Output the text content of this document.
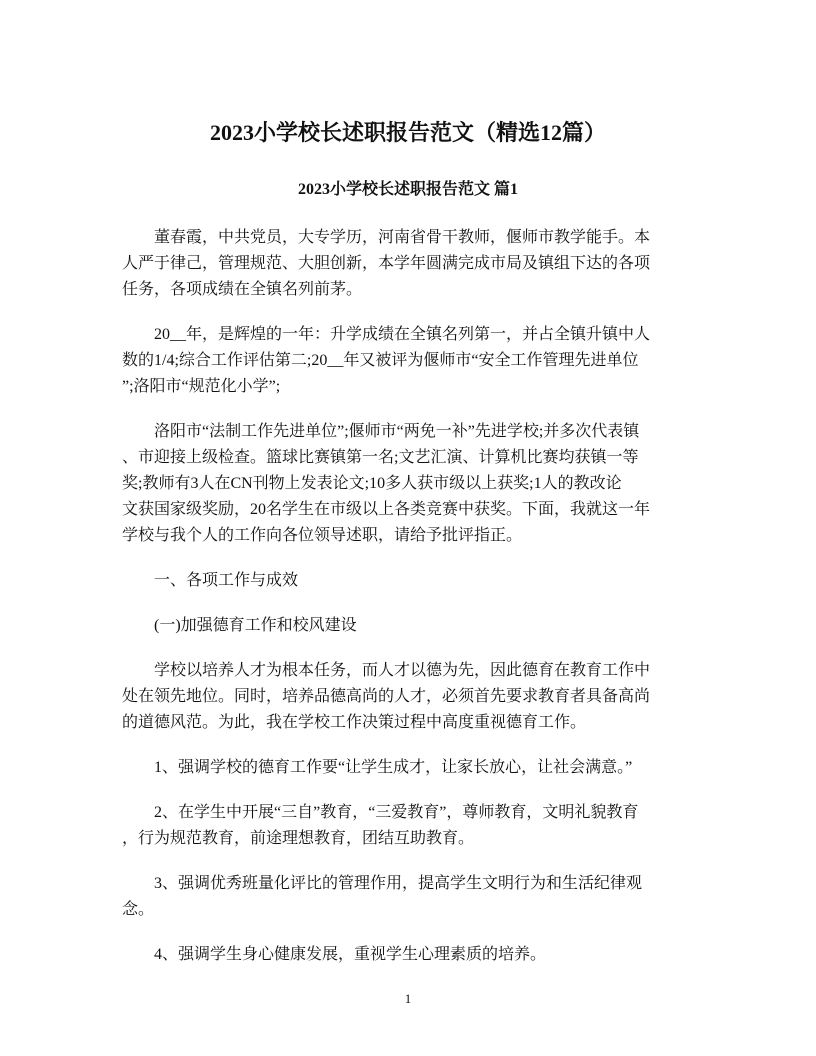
2023小学校长述职报告范文（精选12篇）
2023小学校长述职报告范文 篇1
董春霞，中共党员，大专学历，河南省骨干教师，偃师市教学能手。本
人严于律己，管理规范、大胆创新，本学年圆满完成市局及镇组下达的各项
任务，各项成绩在全镇名列前茅。
20__年，是辉煌的一年：升学成绩在全镇名列第一，并占全镇升镇中人
数的1/4;综合工作评估第二;20__年又被评为偃师市“安全工作管理先进单位
”;洛阳市“规范化小学”;
洛阳市“法制工作先进单位”;偃师市“两免一补”先进学校;并多次代表镇
、市迎接上级检查。篮球比赛镇第一名;文艺汇演、计算机比赛均获镇一等
奖;教师有3人在CN刊物上发表论文;10多人获市级以上获奖;1人的教改论
文获国家级奖励，20名学生在市级以上各类竞赛中获奖。下面，我就这一年
学校与我个人的工作向各位领导述职，请给予批评指正。
一、各项工作与成效
(一)加强德育工作和校风建设
学校以培养人才为根本任务，而人才以德为先，因此德育在教育工作中
处在领先地位。同时，培养品德高尚的人才，必须首先要求教育者具备高尚
的道德风范。为此，我在学校工作决策过程中高度重视德育工作。
1、强调学校的德育工作要“让学生成才，让家长放心，让社会满意。”
2、在学生中开展“三自”教育，“三爱教育”，尊师教育，文明礼貌教育
，行为规范教育，前途理想教育，团结互助教育。
3、强调优秀班量化评比的管理作用，提高学生文明行为和生活纪律观
念。
4、强调学生身心健康发展，重视学生心理素质的培养。
1
